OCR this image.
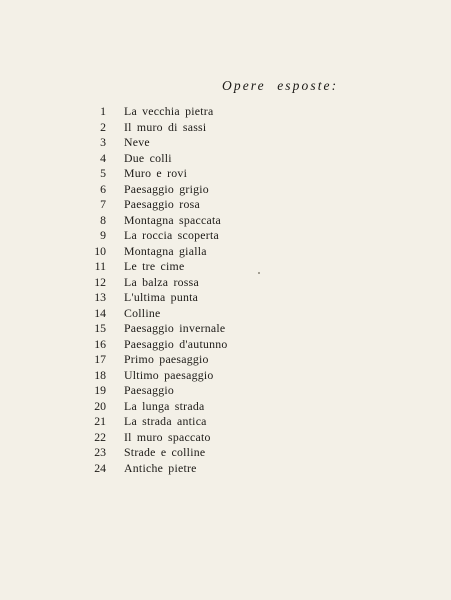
Opere esposte:
1 La vecchia pietra
2 Il muro di sassi
3 Neve
4 Due colli
5 Muro e rovi
6 Paesaggio grigio
7 Paesaggio rosa
8 Montagna spaccata
9 La roccia scoperta
10 Montagna gialla
11 Le tre cime
12 La balza rossa
13 L'ultima punta
14 Colline
15 Paesaggio invernale
16 Paesaggio d'autunno
17 Primo paesaggio
18 Ultimo paesaggio
19 Paesaggio
20 La lunga strada
21 La strada antica
22 Il muro spaccato
23 Strade e colline
24 Antiche pietre
